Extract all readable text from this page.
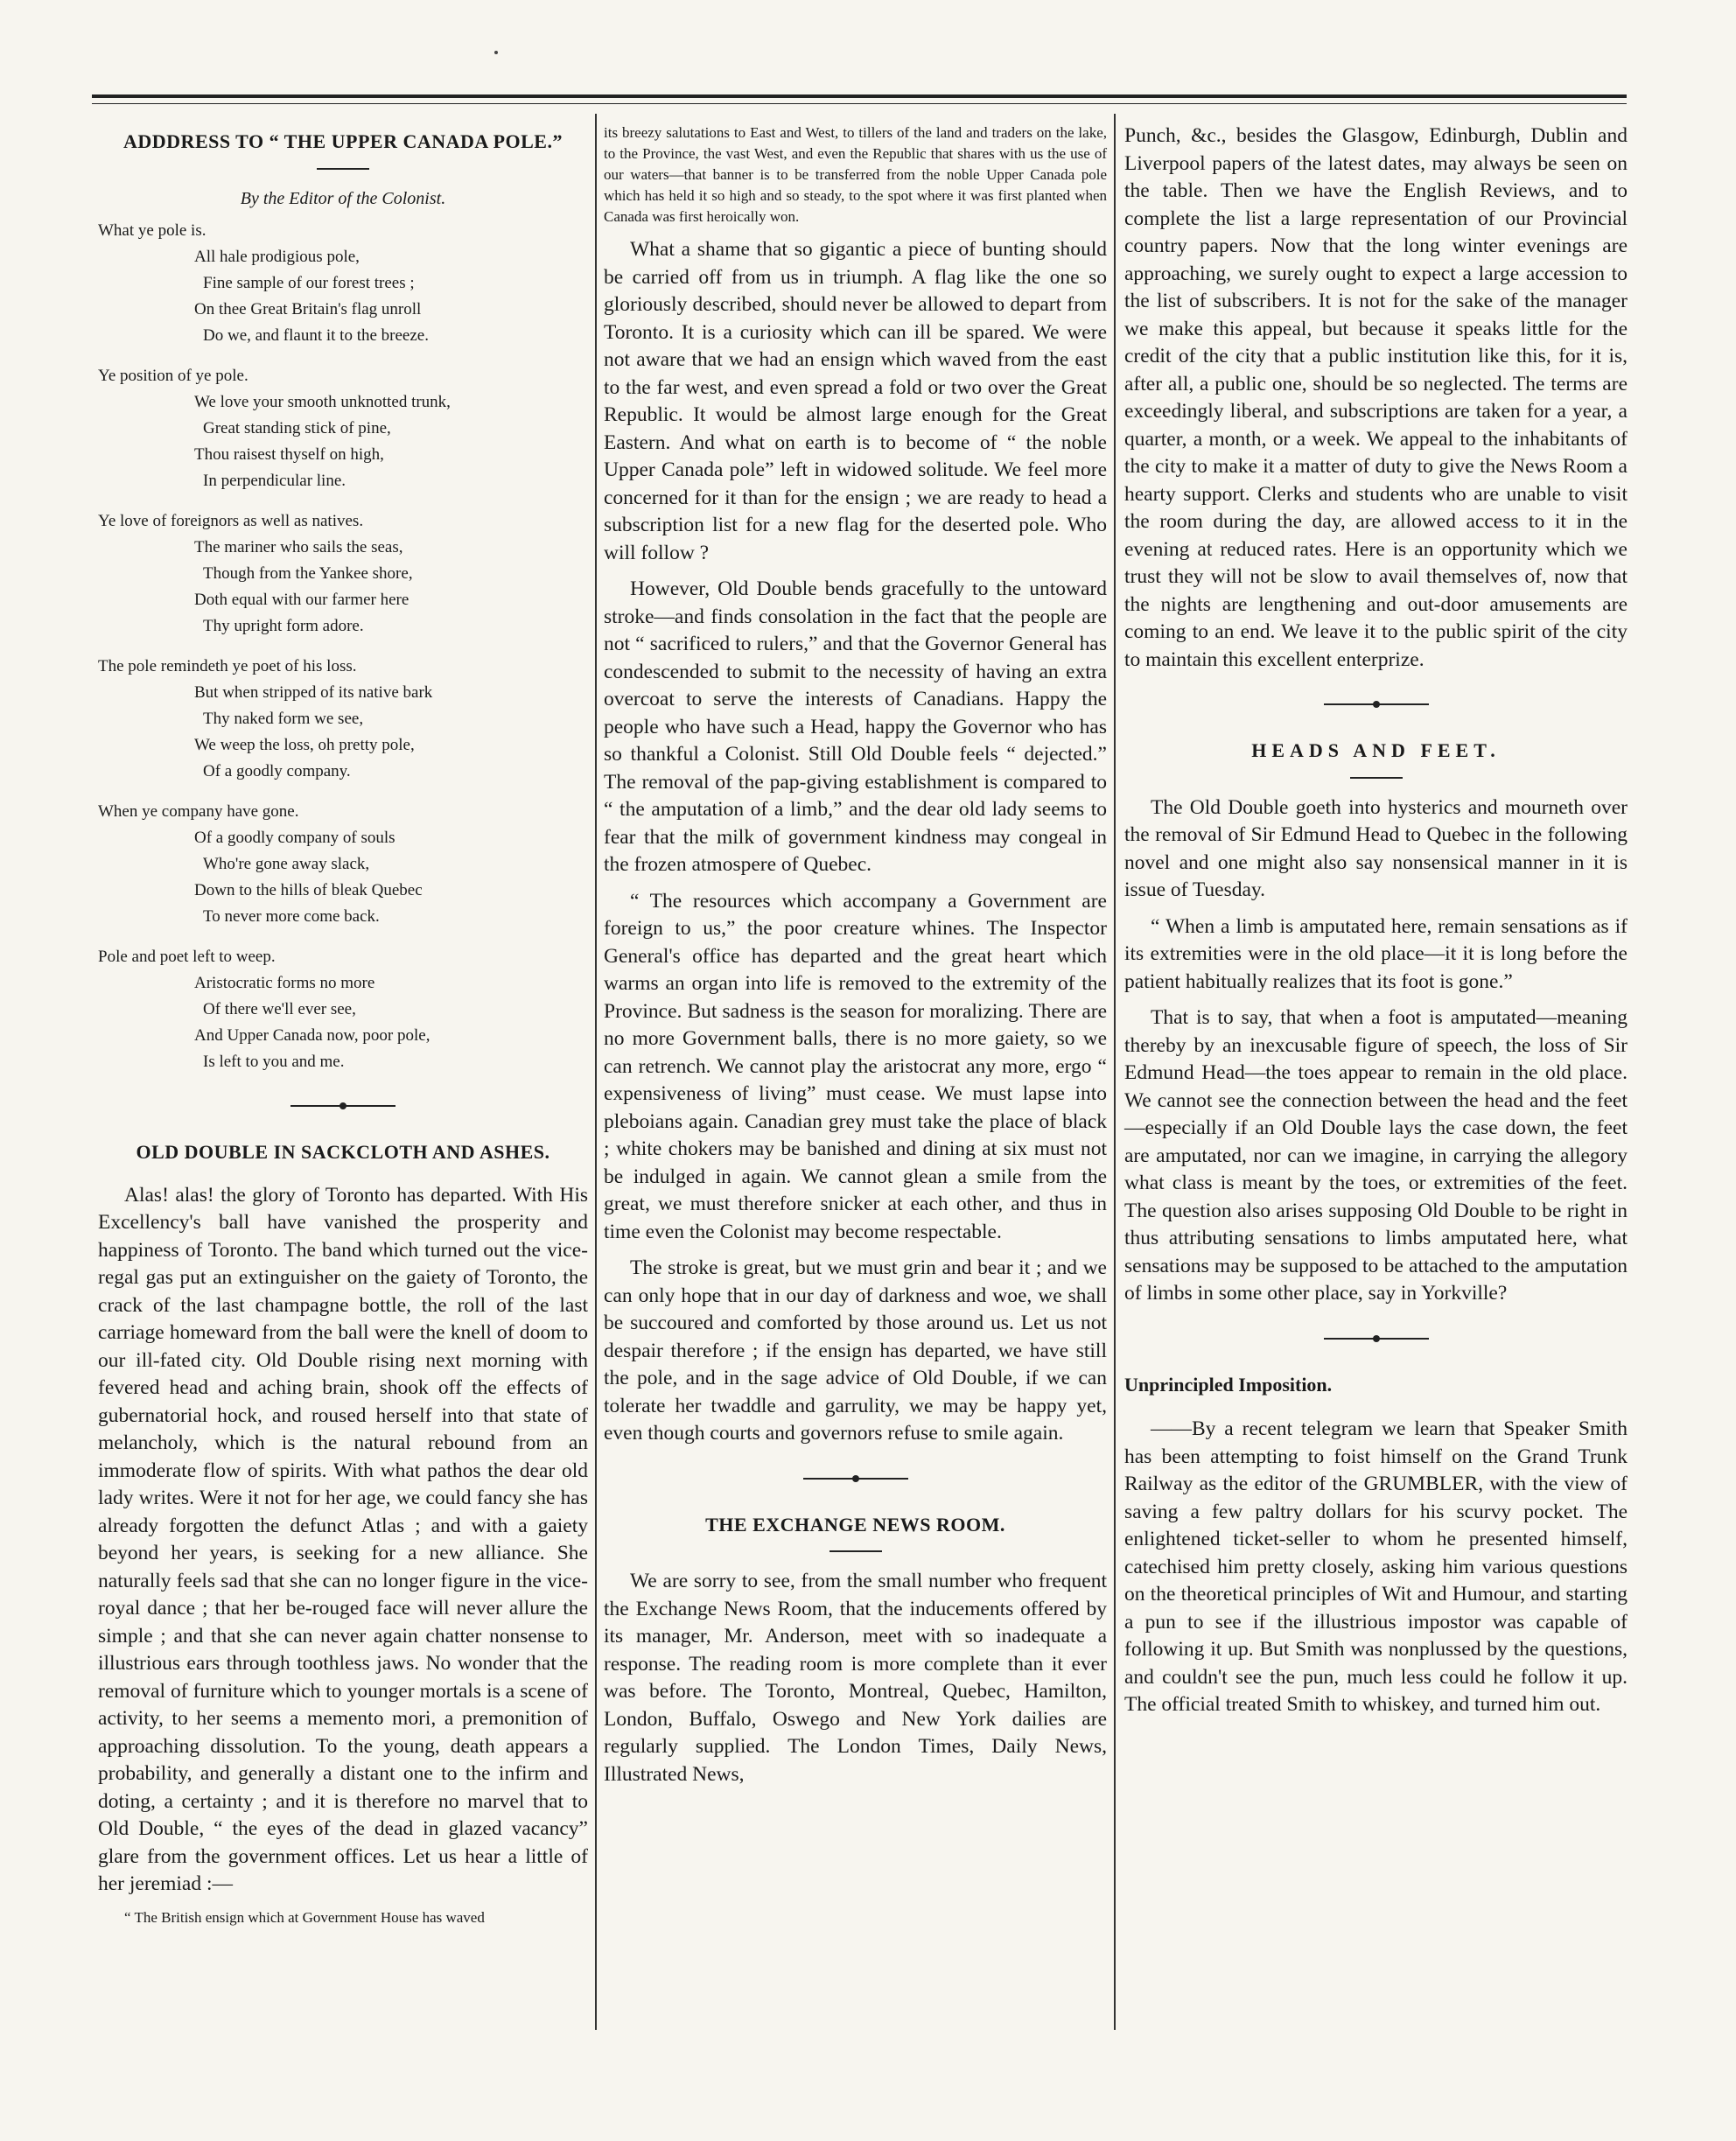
ADDDRESS TO “ THE UPPER CANADA POLE.”
By the Editor of the Colonist.
What ye pole is.
All hale prodigious pole,
Fine sample of our forest trees ;
On thee Great Britain's flag unroll
Do we, and flaunt it to the breeze.
Ye position of ye pole.
We love your smooth unknotted trunk,
Great standing stick of pine,
Thou raisest thyself on high,
In perpendicular line.
Ye love of foreignors as well as natives.
The mariner who sails the seas,
Though from the Yankee shore,
Doth equal with our farmer here
Thy upright form adore.
The pole remindeth ye poet of his loss.
But when stripped of its native bark
Thy naked form we see,
We weep the loss, oh pretty pole,
Of a goodly company.
When ye company have gone.
Of a goodly company of souls
Who're gone away slack,
Down to the hills of bleak Quebec
To never more come back.
Pole and poet left to weep.
Aristocratic forms no more
Of there we'll ever see,
And Upper Canada now, poor pole,
Is left to you and me.
OLD DOUBLE IN SACKCLOTH AND ASHES.

Alas! alas! the glory of Toronto has departed. With His Excellency's ball have vanished the prosperity and happiness of Toronto. The band which turned out the vice-regal gas put an extinguisher on the gaiety of Toronto, the crack of the last champagne bottle, the roll of the last carriage homeward from the ball were the knell of doom to our ill-fated city. Old Double rising next morning with fevered head and aching brain, shook off the effects of gubernatorial hock, and roused herself into that state of melancholy, which is the natural rebound from an immoderate flow of spirits. With what pathos the dear old lady writes. Were it not for her age, we could fancy she has already forgotten the defunct Atlas ; and with a gaiety beyond her years, is seeking for a new alliance. She naturally feels sad that she can no longer figure in the vice-royal dance ; that her be-rouged face will never allure the simple ; and that she can never again chatter nonsense to illustrious ears through toothless jaws. No wonder that the removal of furniture which to younger mortals is a scene of activity, to her seems a memento mori, a premonition of approaching dissolution. To the young, death appears a probability, and generally a distant one to the infirm and doting, a certainty ; and it is therefore no marvel that to Old Double, “ the eyes of the dead in glazed vacancy” glare from the government offices. Let us hear a little of her jeremiad :—

“ The British ensign which at Government House has waved

its breezy salutations to East and West, to tillers of the land and traders on the lake, to the Province, the vast West, and even the Republic that shares with us the use of our waters—that banner is to be transferred from the noble Upper Canada pole which has held it so high and so steady, to the spot where it was first planted when Canada was first heroically won.

What a shame that so gigantic a piece of bunting should be carried off from us in triumph. A flag like the one so gloriously described, should never be allowed to depart from Toronto. It is a curiosity which can ill be spared. We were not aware that we had an ensign which waved from the east to the far west, and even spread a fold or two over the Great Republic. It would be almost large enough for the Great Eastern. And what on earth is to become of “ the noble Upper Canada pole” left in widowed solitude. We feel more concerned for it than for the ensign ; we are ready to head a subscription list for a new flag for the deserted pole. Who will follow ?

However, Old Double bends gracefully to the untoward stroke—and finds consolation in the fact that the people are not “ sacrificed to rulers,” and that the Governor General has condescended to submit to the necessity of having an extra overcoat to serve the interests of Canadians. Happy the people who have such a Head, happy the Governor who has so thankful a Colonist. Still Old Double feels “ dejected.” The removal of the pap-giving establishment is compared to “ the amputation of a limb,” and the dear old lady seems to fear that the milk of government kindness may congeal in the frozen atmospere of Quebec.

“ The resources which accompany a Government are foreign to us,” the poor creature whines. The Inspector General's office has departed and the great heart which warms an organ into life is removed to the extremity of the Province. But sadness is the season for moralizing. There are no more Government balls, there is no more gaiety, so we can retrench. We cannot play the aristocrat any more, ergo “ expensiveness of living” must cease. We must lapse into pleboians again. Canadian grey must take the place of black ; white chokers may be banished and dining at six must not be indulged in again. We cannot glean a smile from the great, we must therefore snicker at each other, and thus in time even the Colonist may become respectable.

The stroke is great, but we must grin and bear it ; and we can only hope that in our day of darkness and woe, we shall be succoured and comforted by those around us. Let us not despair therefore ; if the ensign has departed, we have still the pole, and in the sage advice of Old Double, if we can tolerate her twaddle and garrulity, we may be happy yet, even though courts and governors refuse to smile again.

THE EXCHANGE NEWS ROOM.

We are sorry to see, from the small number who frequent the Exchange News Room, that the inducements offered by its manager, Mr. Anderson, meet with so inadequate a response. The reading room is more complete than it ever was before. The Toronto, Montreal, Quebec, Hamilton, London, Buffalo, Oswego and New York dailies are regularly supplied. The London Times, Daily News, Illustrated News,

Punch, &c., besides the Glasgow, Edinburgh, Dublin and Liverpool papers of the latest dates, may always be seen on the table. Then we have the English Reviews, and to complete the list a large representation of our Provincial country papers. Now that the long winter evenings are approaching, we surely ought to expect a large accession to the list of subscribers. It is not for the sake of the manager we make this appeal, but because it speaks little for the credit of the city that a public institution like this, for it is, after all, a public one, should be so neglected. The terms are exceedingly liberal, and subscriptions are taken for a year, a quarter, a month, or a week. We appeal to the inhabitants of the city to make it a matter of duty to give the News Room a hearty support. Clerks and students who are unable to visit the room during the day, are allowed access to it in the evening at reduced rates. Here is an opportunity which we trust they will not be slow to avail themselves of, now that the nights are lengthening and out-door amusements are coming to an end. We leave it to the public spirit of the city to maintain this excellent enterprize.

HEADS AND FEET.

The Old Double goeth into hysterics and mourneth over the removal of Sir Edmund Head to Quebec in the following novel and one might also say nonsensical manner in it is issue of Tuesday.

“ When a limb is amputated here, remain sensations as if its extremities were in the old place—it it is long before the patient habitually realizes that its foot is gone.”

That is to say, that when a foot is amputated—meaning thereby by an inexcusable figure of speech, the loss of Sir Edmund Head—the toes appear to remain in the old place. We cannot see the connection between the head and the feet—especially if an Old Double lays the case down, the feet are amputated, nor can we imagine, in carrying the allegory what class is meant by the toes, or extremities of the feet. The question also arises supposing Old Double to be right in thus attributing sensations to limbs amputated here, what sensations may be supposed to be attached to the amputation of limbs in some other place, say in Yorkville?

Unprincipled Imposition.

——By a recent telegram we learn that Speaker Smith has been attempting to foist himself on the Grand Trunk Railway as the editor of the GRUMBLER, with the view of saving a few paltry dollars for his scurvy pocket. The enlightened ticket-seller to whom he presented himself, catechised him pretty closely, asking him various questions on the theoretical principles of Wit and Humour, and starting a pun to see if the illustrious impostor was capable of following it up. But Smith was nonplussed by the questions, and couldn't see the pun, much less could he follow it up. The official treated Smith to whiskey, and turned him out.
